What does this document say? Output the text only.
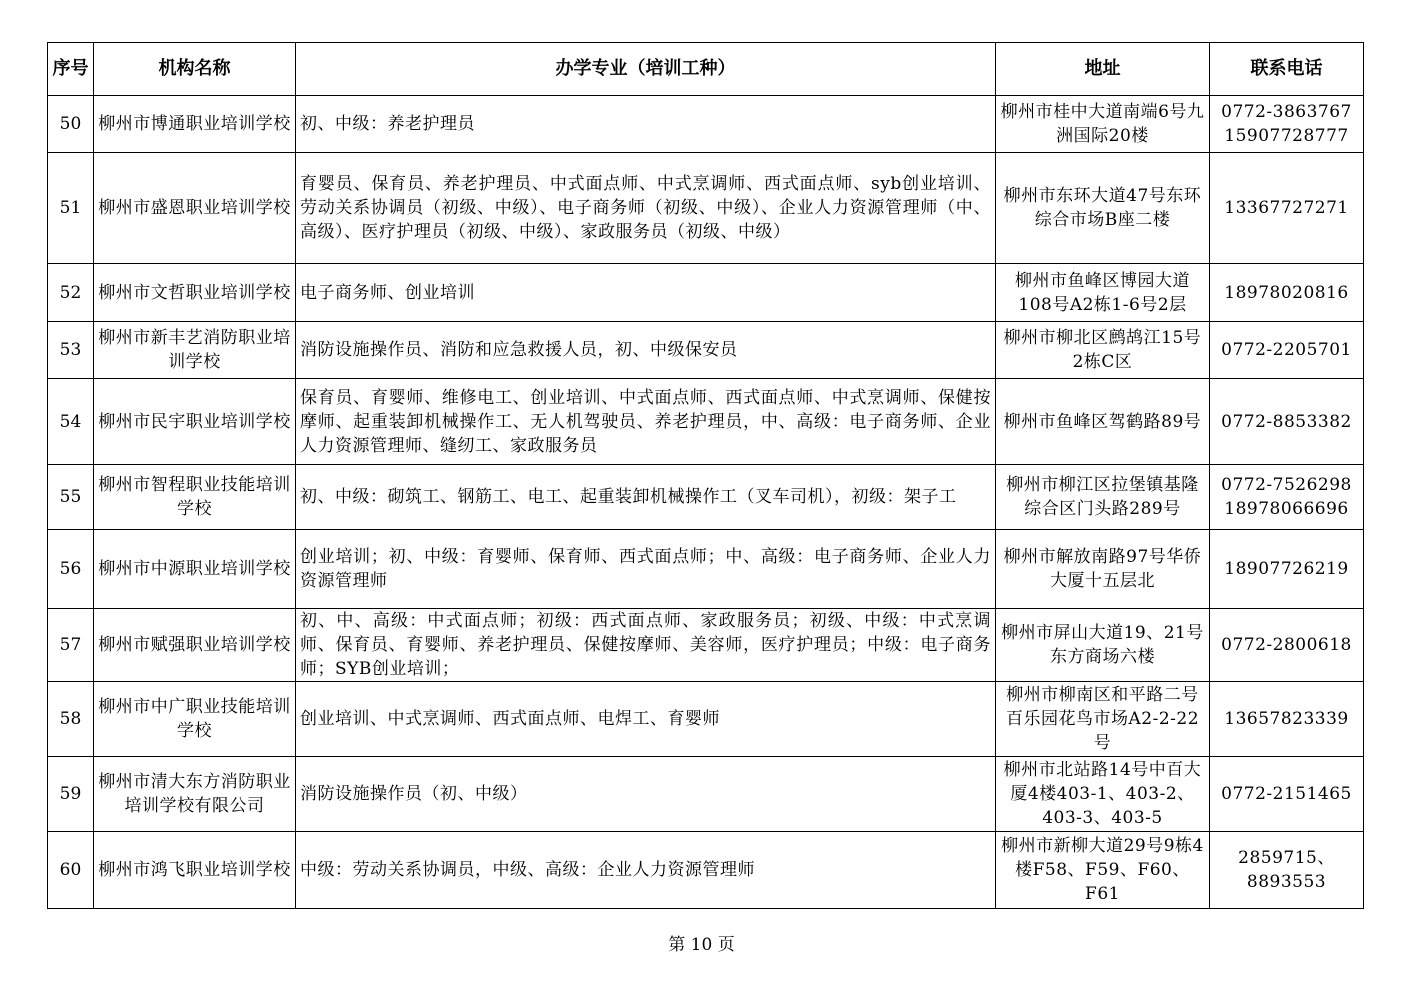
序号	机构名称	办学专业（培训工种）	地址	联系电话
50	柳州市博通职业培训学校	初、中级：养老护理员	柳州市桂中大道南端6号九洲国际20楼	0772-3863767
15907728777
51	柳州市盛恩职业培训学校	育婴员、保育员、养老护理员、中式面点师、中式烹调师、西式面点师、syb创业培训、劳动关系协调员（初级、中级）、电子商务师（初级、中级）、企业人力资源管理师（中、高级）、医疗护理员（初级、中级）、家政服务员（初级、中级）	柳州市东环大道47号东环综合市场B座二楼	13367727271
52	柳州市文哲职业培训学校	电子商务师、创业培训	柳州市鱼峰区博园大道108号A2栋1-6号2层	18978020816
53	柳州市新丰艺消防职业培训学校	消防设施操作员、消防和应急救援人员，初、中级保安员	柳州市柳北区鹧鸪江15号2栋C区	0772-2205701
54	柳州市民宇职业培训学校	保育员、育婴师、维修电工、创业培训、中式面点师、西式面点师、中式烹调师、保健按摩师、起重装卸机械操作工、无人机驾驶员、养老护理员，中、高级：电子商务师、企业人力资源管理师、缝纫工、家政服务员	柳州市鱼峰区驾鹤路89号	0772-8853382
55	柳州市智程职业技能培训学校	初、中级：砌筑工、钢筋工、电工、起重装卸机械操作工（叉车司机），初级：架子工	柳州市柳江区拉堡镇基隆综合区门头路289号	0772-7526298
18978066696
56	柳州市中源职业培训学校	创业培训；初、中级：育婴师、保育师、西式面点师；中、高级：电子商务师、企业人力资源管理师	柳州市解放南路97号华侨大厦十五层北	18907726219
57	柳州市赋强职业培训学校	初、中、高级：中式面点师；初级：西式面点师、家政服务员；初级、中级：中式烹调师、保育员、育婴师、养老护理员、保健按摩师、美容师，医疗护理员；中级：电子商务师；SYB创业培训；	柳州市屏山大道19、21号东方商场六楼	0772-2800618
58	柳州市中广职业技能培训学校	创业培训、中式烹调师、西式面点师、电焊工、育婴师	柳州市柳南区和平路二号百乐园花鸟市场A2-2-22号	13657823339
59	柳州市清大东方消防职业培训学校有限公司	消防设施操作员（初、中级）	柳州市北站路14号中百大厦4楼403-1、403-2、403-3、403-5	0772-2151465
60	柳州市鸿飞职业培训学校	中级：劳动关系协调员，中级、高级：企业人力资源管理师	柳州市新柳大道29号9栋4楼F58、F59、F60、F61	2859715、
8893553
第 10 页
